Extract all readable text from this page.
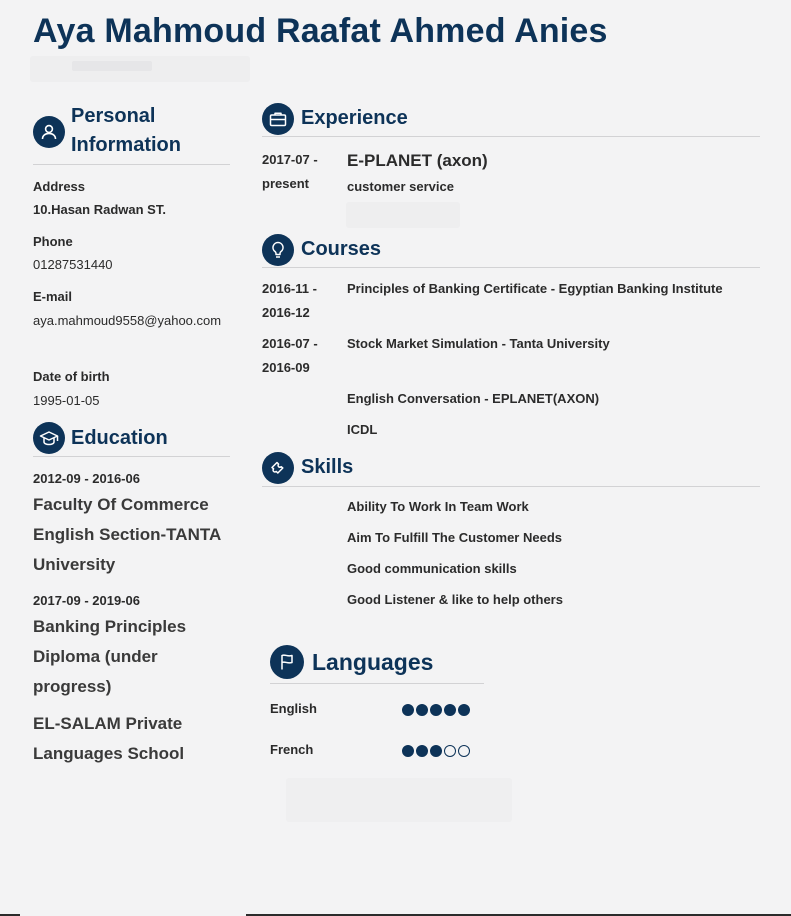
Aya Mahmoud Raafat Ahmed Anies
Personal Information
Address
10.Hasan Radwan ST.
Phone
01287531440
E-mail
aya.mahmoud9558@yahoo.com
Date of birth
1995-01-05
Education
2012-09 - 2016-06
Faculty Of Commerce English Section-TANTA University
2017-09 - 2019-06
Banking Principles Diploma (under progress)
EL-SALAM Private Languages School
Experience
2017-07 - present
E-PLANET (axon)
customer service
Courses
2016-11 - 2016-12
Principles of Banking Certificate - Egyptian Banking Institute
2016-07 - 2016-09
Stock Market Simulation - Tanta University
English Conversation - EPLANET(AXON)
ICDL
Skills
Ability To Work In Team Work
Aim To Fulfill The Customer Needs
Good communication skills
Good Listener & like to help others
Languages
English
French
